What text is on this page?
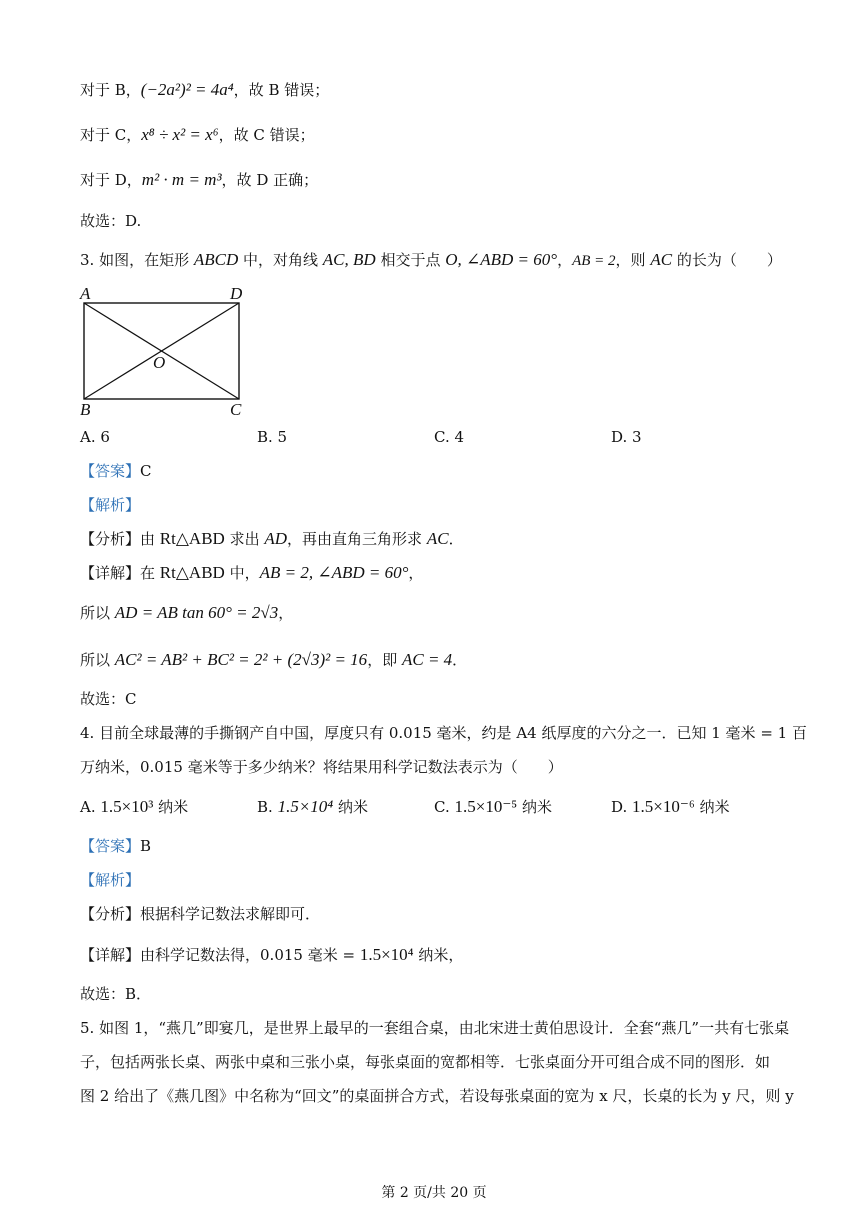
对于 B，(−2a²)² = 4a⁴，故 B 错误；
对于 C，x⁸ ÷ x² = x⁶，故 C 错误；
对于 D，m² · m = m³，故 D 正确；
故选：D.
3. 如图，在矩形 ABCD 中，对角线 AC, BD 相交于点 O, ∠ABD = 60°，AB = 2，则 AC 的长为（　　）
A	D
O
B	C
A. 6	B. 5	C. 4	D. 3
【答案】C
【解析】
【分析】由 Rt△ABD 求出 AD，再由直角三角形求 AC．
【详解】在 Rt△ABD 中，AB = 2, ∠ABD = 60°，
所以 AD = AB tan 60° = 2√3，
所以 AC² = AB² + BC² = 2² + (2√3)² = 16，即 AC = 4．
故选：C
4. 目前全球最薄的手撕钢产自中国，厚度只有 0.015 毫米，约是 A4 纸厚度的六分之一．已知 1 毫米 = 1 百
万纳米，0.015 毫米等于多少纳米？将结果用科学记数法表示为（　　）
A. 1.5×10³ 纳米	B. 1.5×10⁴ 纳米	C. 1.5×10⁻⁵ 纳米	D. 1.5×10⁻⁶ 纳米
【答案】B
【解析】
【分析】根据科学记数法求解即可．
【详解】由科学记数法得，0.015 毫米 = 1.5×10⁴ 纳米，
故选：B．
5. 如图 1，“燕几”即宴几，是世界上最早的一套组合桌，由北宋进士黄伯思设计．全套“燕几”一共有七张桌
子，包括两张长桌、两张中桌和三张小桌，每张桌面的宽都相等．七张桌面分开可组合成不同的图形．如
图 2 给出了《燕几图》中名称为“回文”的桌面拼合方式，若设每张桌面的宽为 x 尺，长桌的长为 y 尺，则 y
第 2 页/共 20 页
